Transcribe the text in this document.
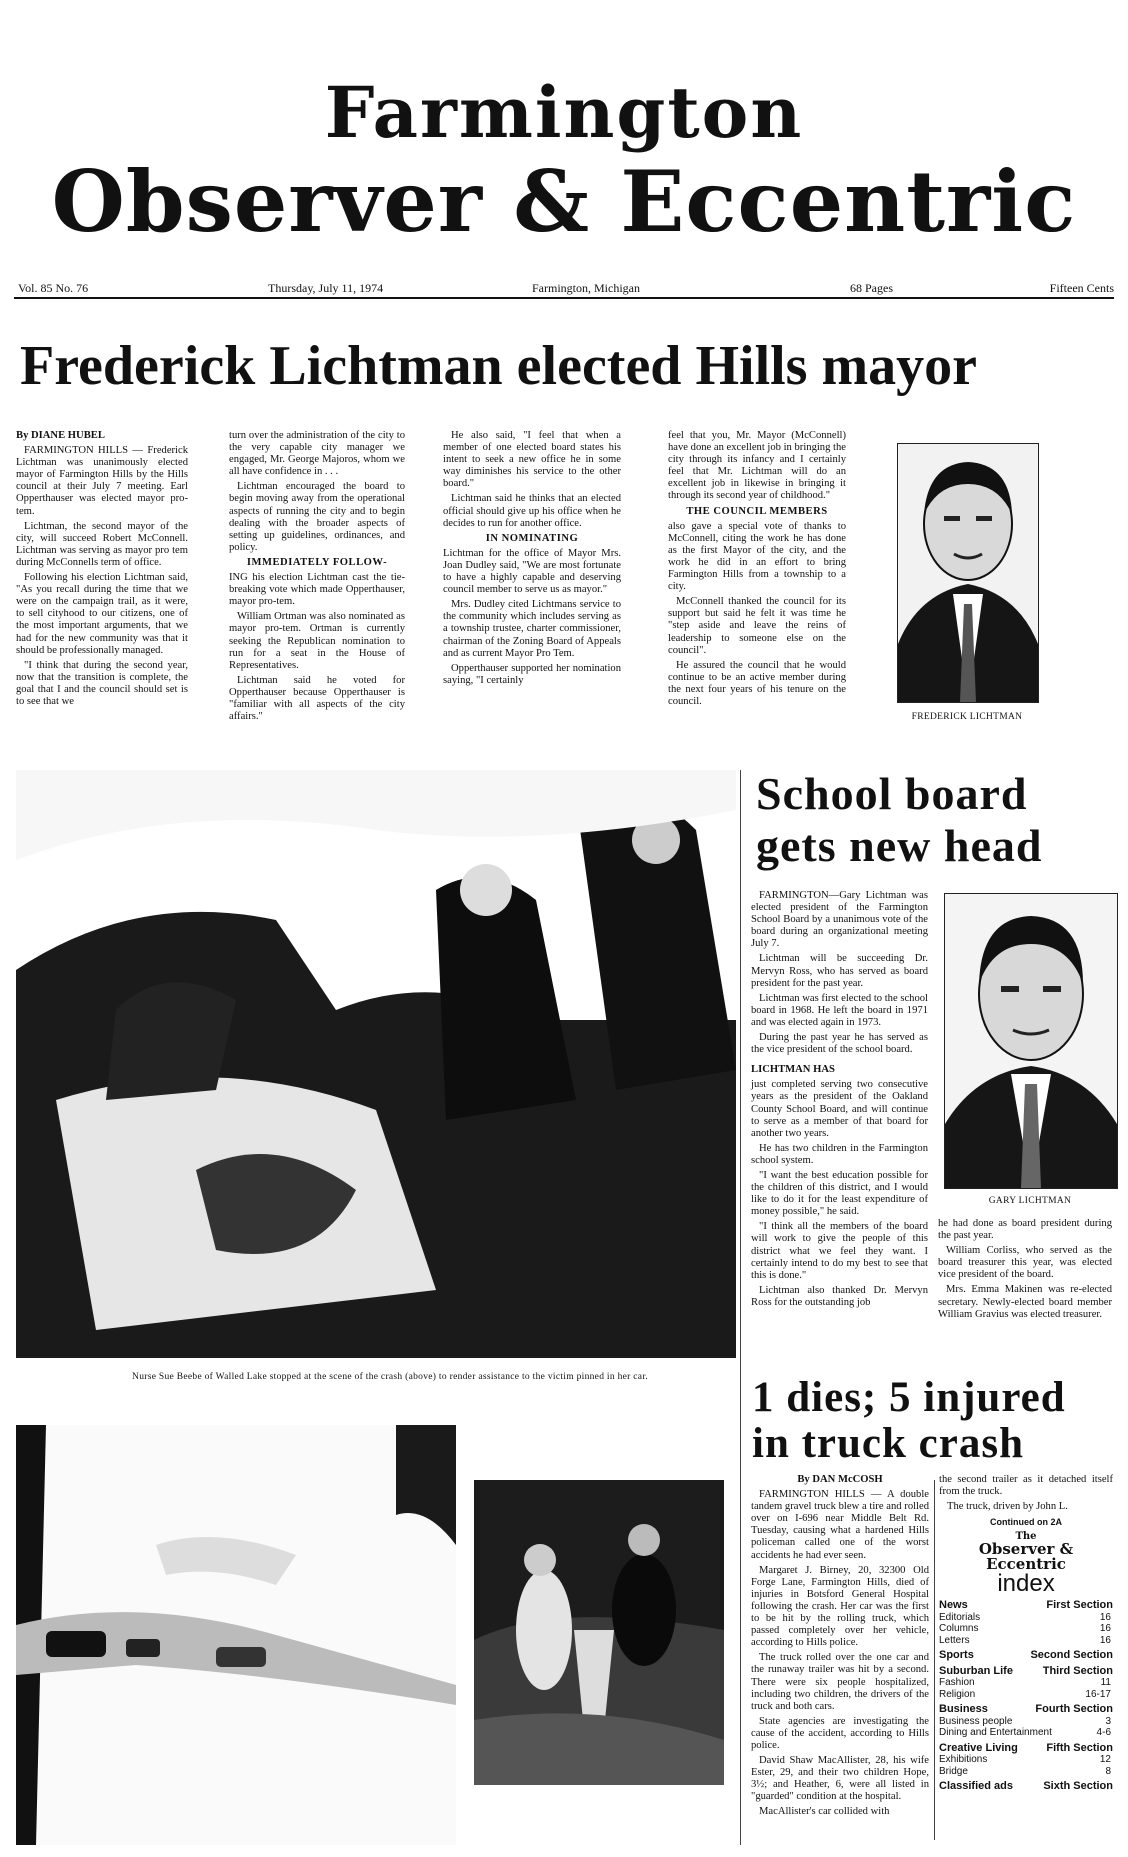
Farmington
Observer & Eccentric
Vol. 85 No. 76	Thursday, July 11, 1974	Farmington, Michigan	68 Pages	Fifteen Cents
Frederick Lichtman elected Hills mayor

By DIANE HUBEL

FARMINGTON HILLS — Frederick Lichtman was unanimously elected mayor of Farmington Hills by the Hills council at their July 7 meeting. Earl Opperthauser was elected mayor pro-tem.

Lichtman, the second mayor of the city, will succeed Robert McConnell. Lichtman was serving as mayor pro tem during McConnells term of office.

Following his election Lichtman said, "As you recall during the time that we were on the campaign trail, as it were, to sell cityhood to our citizens, one of the most important arguments, that we had for the new community was that it should be professionally managed.

"I think that during the second year, now that the transition is complete, the goal that I and the council should set is to see that we

turn over the administration of the city to the very capable city manager we engaged, Mr. George Majoros, whom we all have confidence in . . .

Lichtman encouraged the board to begin moving away from the operational aspects of running the city and to begin dealing with the broader aspects of setting up guidelines, ordinances, and policy.

IMMEDIATELY FOLLOW-

ING his election Lichtman cast the tie-breaking vote which made Opperthauser, mayor pro-tem.

William Ortman was also nominated as mayor pro-tem. Ortman is currently seeking the Republican nomination to run for a seat in the House of Representatives.

Lichtman said he voted for Opperthauser because Opperthauser is "familiar with all aspects of the city affairs."

He also said, "I feel that when a member of one elected board states his intent to seek a new office he in some way diminishes his service to the other board."

Lichtman said he thinks that an elected official should give up his office when he decides to run for another office.

IN NOMINATING

Lichtman for the office of Mayor Mrs. Joan Dudley said, "We are most fortunate to have a highly capable and deserving council member to serve us as mayor."

Mrs. Dudley cited Lichtmans service to the community which includes serving as a township trustee, charter commissioner, chairman of the Zoning Board of Appeals and as current Mayor Pro Tem.

Opperthauser supported her nomination saying, "I certainly

feel that you, Mr. Mayor (McConnell) have done an excellent job in bringing the city through its infancy and I certainly feel that Mr. Lichtman will do an excellent job in likewise in bringing it through its second year of childhood."

THE COUNCIL MEMBERS

also gave a special vote of thanks to McConnell, citing the work he has done as the first Mayor of the city, and the work he did in an effort to bring Farmington Hills from a township to a city.

McConnell thanked the council for its support but said he felt it was time he "step aside and leave the reins of leadership to someone else on the council".

He assured the council that he would continue to be an active member during the next four years of his tenure on the council.

FREDERICK LICHTMAN
Nurse Sue Beebe of Walled Lake stopped at the scene of the crash (above) to render assistance to the victim pinned in her car.
School board
gets new head

FARMINGTON—Gary Lichtman was elected president of the Farmington School Board by a unanimous vote of the board during an organizational meeting July 7.

Lichtman will be succeeding Dr. Mervyn Ross, who has served as board president for the past year.

Lichtman was first elected to the school board in 1968. He left the board in 1971 and was elected again in 1973.

During the past year he has served as the vice president of the school board.

LICHTMAN HAS

just completed serving two consecutive years as the president of the Oakland County School Board, and will continue to serve as a member of that board for another two years.

He has two children in the Farmington school system.

"I want the best education possible for the children of this district, and I would like to do it for the least expenditure of money possible," he said.

"I think all the members of the board will work to give the people of this district what we feel they want. I certainly intend to do my best to see that this is done."

Lichtman also thanked Dr. Mervyn Ross for the outstanding job

GARY LICHTMAN

he had done as board president during the past year.

William Corliss, who served as the board treasurer this year, was elected vice president of the board.

Mrs. Emma Makinen was re-elected secretary. Newly-elected board member William Gravius was elected treasurer.

1 dies; 5 injured
in truck crash

By DAN McCOSH

FARMINGTON HILLS — A double tandem gravel truck blew a tire and rolled over on I-696 near Middle Belt Rd. Tuesday, causing what a hardened Hills policeman called one of the worst accidents he had ever seen.

Margaret J. Birney, 20, 32300 Old Forge Lane, Farmington Hills, died of injuries in Botsford General Hospital following the crash. Her car was the first to be hit by the rolling truck, which passed completely over her vehicle, according to Hills police.

The truck rolled over the one car and the runaway trailer was hit by a second. There were six people hospitalized, including two children, the drivers of the truck and both cars.

State agencies are investigating the cause of the accident, according to Hills police.

David Shaw MacAllister, 28, his wife Ester, 29, and their two children Hope, 3½; and Heather, 6, were all listed in "guarded" condition at the hospital.

MacAllister's car collided with

the second trailer as it detached itself from the truck.

The truck, driven by John L.

Continued on 2A

The
Observer & Eccentric
index
News	First Section
Editorials	16
Columns	16
Letters	16
Sports	Second Section
Suburban Life	Third Section
Fashion	11
Religion	16-17
Business	Fourth Section
Business people	3
Dining and Entertainment	4-6
Creative Living	Fifth Section
Exhibitions	12
Bridge	8
Classified ads	Sixth Section
